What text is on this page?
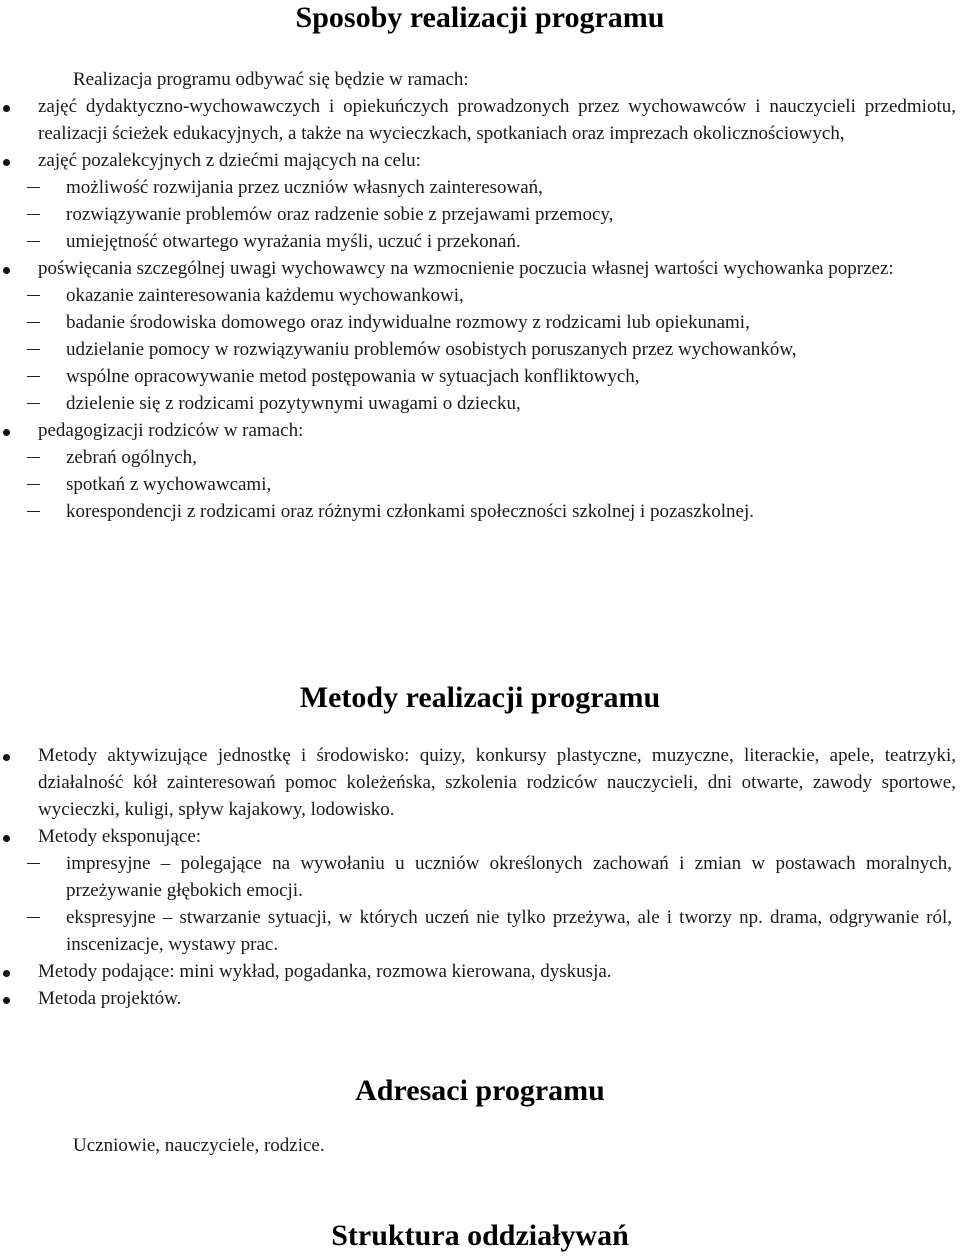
Sposoby realizacji programu
Realizacja programu odbywać się będzie w ramach:
zajęć dydaktyczno-wychowawczych i opiekuńczych prowadzonych przez wychowawców i nauczycieli przedmiotu, realizacji ścieżek edukacyjnych, a także na wycieczkach, spotkaniach oraz imprezach okolicznościowych,
zajęć pozalekcyjnych z dziećmi mających na celu:
możliwość rozwijania przez uczniów własnych zainteresowań,
rozwiązywanie problemów oraz radzenie sobie z przejawami przemocy,
umiejętność otwartego wyrażania myśli, uczuć i przekonań.
poświęcania szczególnej uwagi wychowawcy na wzmocnienie poczucia własnej wartości wychowanka poprzez:
okazanie zainteresowania każdemu wychowankowi,
badanie środowiska domowego oraz indywidualne rozmowy z rodzicami lub opiekunami,
udzielanie pomocy w rozwiązywaniu problemów osobistych poruszanych przez wychowanków,
wspólne opracowywanie metod postępowania w sytuacjach konfliktowych,
dzielenie się z rodzicami pozytywnymi uwagami o dziecku,
pedagogizacji rodziców w ramach:
zebrań ogólnych,
spotkań z wychowawcami,
korespondencji z rodzicami oraz różnymi członkami społeczności szkolnej i pozaszkolnej.
Metody realizacji programu
Metody aktywizujące jednostkę i środowisko: quizy, konkursy plastyczne, muzyczne, literackie, apele, teatrzyki, działalność kół zainteresowań pomoc koleżeńska, szkolenia rodziców nauczycieli, dni otwarte, zawody sportowe, wycieczki, kuligi, spływ kajakowy, lodowisko.
Metody eksponujące:
impresyjne – polegające na wywołaniu u uczniów określonych zachowań i zmian w postawach moralnych, przeżywanie głębokich emocji.
ekspresyjne – stwarzanie sytuacji, w których uczeń nie tylko przeżywa, ale i tworzy np. drama, odgrywanie ról, inscenizacje, wystawy prac.
Metody podające: mini wykład, pogadanka, rozmowa kierowana, dyskusja.
Metoda projektów.
Adresaci programu
Uczniowie, nauczyciele, rodzice.
Struktura oddziaływań
